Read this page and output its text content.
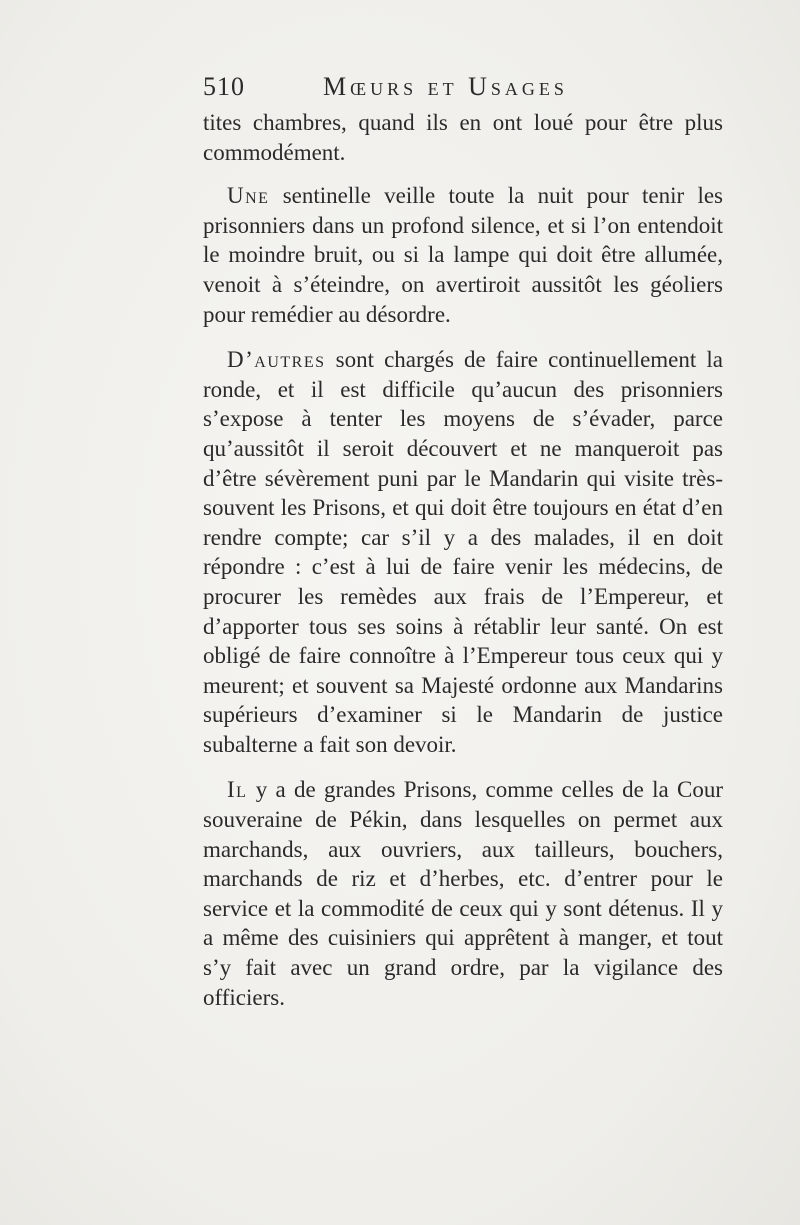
510	Mœurs et Usages

tites chambres, quand ils en ont loué pour être plus commodément.

Une sentinelle veille toute la nuit pour tenir les prisonniers dans un profond silence, et si l’on entendoit le moindre bruit, ou si la lampe qui doit être allumée, venoit à s’éteindre, on avertiroit aussitôt les géoliers pour remédier au désordre.

D’autres sont chargés de faire continuellement la ronde, et il est difficile qu’aucun des prisonniers s’expose à tenter les moyens de s’évader, parce qu’aussitôt il seroit découvert et ne manqueroit pas d’être sévèrement puni par le Mandarin qui visite très-souvent les Prisons, et qui doit être toujours en état d’en rendre compte; car s’il y a des malades, il en doit répondre : c’est à lui de faire venir les médecins, de procurer les remèdes aux frais de l’Empereur, et d’apporter tous ses soins à rétablir leur santé. On est obligé de faire connoître à l’Empereur tous ceux qui y meurent; et souvent sa Majesté ordonne aux Mandarins supérieurs d’examiner si le Mandarin de justice subalterne a fait son devoir.

Il y a de grandes Prisons, comme celles de la Cour souveraine de Pékin, dans lesquelles on permet aux marchands, aux ouvriers, aux tailleurs, bouchers, marchands de riz et d’herbes, etc. d’entrer pour le service et la commodité de ceux qui y sont détenus. Il y a même des cuisiniers qui apprêtent à manger, et tout s’y fait avec un grand ordre, par la vigilance des officiers.
